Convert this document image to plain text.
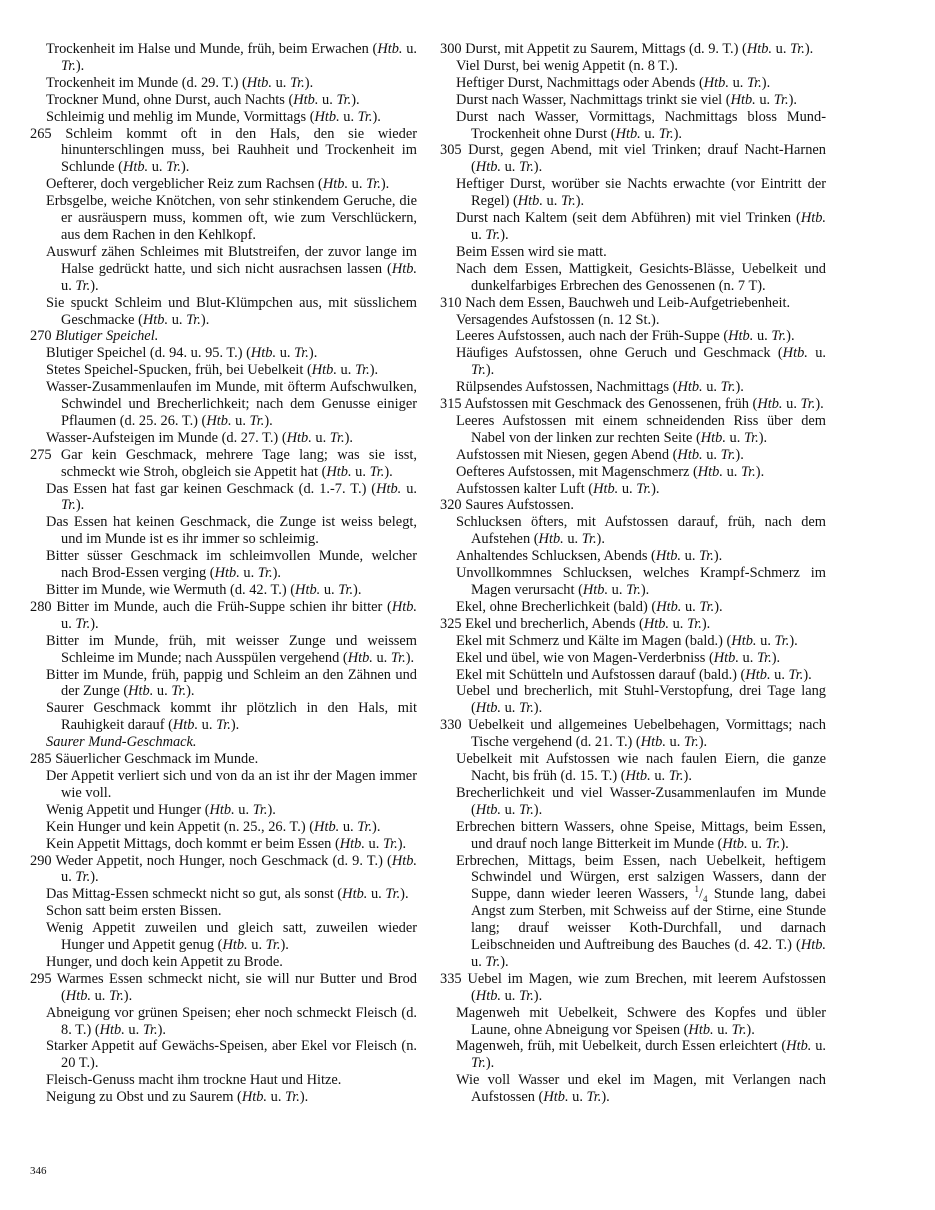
Trockenheit im Halse und Munde, früh, beim Erwachen (Htb. u. Tr.).
Trockenheit im Munde (d. 29. T.) (Htb. u. Tr.).
Trockner Mund, ohne Durst, auch Nachts (Htb. u. Tr.).
Schleimig und mehlig im Munde, Vormittags (Htb. u. Tr.).
265 Schleim kommt oft in den Hals, den sie wieder hinunterschlingen muss, bei Rauhheit und Trockenheit im Schlunde (Htb. u. Tr.).
Oefterer, doch vergeblicher Reiz zum Rachsen (Htb. u. Tr.).
Erbsgelbe, weiche Knötchen, von sehr stinkendem Geruche, die er ausräuspern muss, kommen oft, wie zum Verschlückern, aus dem Rachen in den Kehlkopf.
Auswurf zähen Schleimes mit Blutstreifen, der zuvor lange im Halse gedrückt hatte, und sich nicht ausrachsen lassen (Htb. u. Tr.).
Sie spuckt Schleim und Blut-Klümpchen aus, mit süsslichem Geschmacke (Htb. u. Tr.).
270 Blutiger Speichel.
Blutiger Speichel (d. 94. u. 95. T.) (Htb. u. Tr.).
Stetes Speichel-Spucken, früh, bei Uebelkeit (Htb. u. Tr.).
Wasser-Zusammenlaufen im Munde, mit öfterm Aufschwulken, Schwindel und Brecherlichkeit; nach dem Genusse einiger Pflaumen (d. 25. 26. T.) (Htb. u. Tr.).
Wasser-Aufsteigen im Munde (d. 27. T.) (Htb. u. Tr.).
275 Gar kein Geschmack, mehrere Tage lang; was sie isst, schmeckt wie Stroh, obgleich sie Appetit hat (Htb. u. Tr.).
Das Essen hat fast gar keinen Geschmack (d. 1.-7. T.) (Htb. u. Tr.).
Das Essen hat keinen Geschmack, die Zunge ist weiss belegt, und im Munde ist es ihr immer so schleimig.
Bitter süsser Geschmack im schleimvollen Munde, welcher nach Brod-Essen verging (Htb. u. Tr.).
Bitter im Munde, wie Wermuth (d. 42. T.) (Htb. u. Tr.).
280 Bitter im Munde, auch die Früh-Suppe schien ihr bitter (Htb. u. Tr.).
Bitter im Munde, früh, mit weisser Zunge und weissem Schleime im Munde; nach Ausspülen vergehend (Htb. u. Tr.).
Bitter im Munde, früh, pappig und Schleim an den Zähnen und der Zunge (Htb. u. Tr.).
Saurer Geschmack kommt ihr plötzlich in den Hals, mit Rauhigkeit darauf (Htb. u. Tr.).
Saurer Mund-Geschmack.
285 Säuerlicher Geschmack im Munde.
Der Appetit verliert sich und von da an ist ihr der Magen immer wie voll.
Wenig Appetit und Hunger (Htb. u. Tr.).
Kein Hunger und kein Appetit (n. 25., 26. T.) (Htb. u. Tr.).
Kein Appetit Mittags, doch kommt er beim Essen (Htb. u. Tr.).
290 Weder Appetit, noch Hunger, noch Geschmack (d. 9. T.) (Htb. u. Tr.).
Das Mittag-Essen schmeckt nicht so gut, als sonst (Htb. u. Tr.).
Schon satt beim ersten Bissen.
Wenig Appetit zuweilen und gleich satt, zuweilen wieder Hunger und Appetit genug (Htb. u. Tr.).
Hunger, und doch kein Appetit zu Brode.
295 Warmes Essen schmeckt nicht, sie will nur Butter und Brod (Htb. u. Tr.).
Abneigung vor grünen Speisen; eher noch schmeckt Fleisch (d. 8. T.) (Htb. u. Tr.).
Starker Appetit auf Gewächs-Speisen, aber Ekel vor Fleisch (n. 20 T.).
Fleisch-Genuss macht ihm trockne Haut und Hitze.
Neigung zu Obst und zu Saurem (Htb. u. Tr.).
300 Durst, mit Appetit zu Saurem, Mittags (d. 9. T.) (Htb. u. Tr.).
Viel Durst, bei wenig Appetit (n. 8 T.).
Heftiger Durst, Nachmittags oder Abends (Htb. u. Tr.).
Durst nach Wasser, Nachmittags trinkt sie viel (Htb. u. Tr.).
Durst nach Wasser, Vormittags, Nachmittags bloss Mund-Trockenheit ohne Durst (Htb. u. Tr.).
305 Durst, gegen Abend, mit viel Trinken; drauf Nacht-Harnen (Htb. u. Tr.).
Heftiger Durst, worüber sie Nachts erwachte (vor Eintritt der Regel) (Htb. u. Tr.).
Durst nach Kaltem (seit dem Abführen) mit viel Trinken (Htb. u. Tr.).
Beim Essen wird sie matt.
Nach dem Essen, Mattigkeit, Gesichts-Blässe, Uebelkeit und dunkelfarbiges Erbrechen des Genossenen (n. 7 T).
310 Nach dem Essen, Bauchweh und Leib-Aufgetriebenheit.
Versagendes Aufstossen (n. 12 St.).
Leeres Aufstossen, auch nach der Früh-Suppe (Htb. u. Tr.).
Häufiges Aufstossen, ohne Geruch und Geschmack (Htb. u. Tr.).
Rülpsendes Aufstossen, Nachmittags (Htb. u. Tr.).
315 Aufstossen mit Geschmack des Genossenen, früh (Htb. u. Tr.).
Leeres Aufstossen mit einem schneidenden Riss über dem Nabel von der linken zur rechten Seite (Htb. u. Tr.).
Aufstossen mit Niesen, gegen Abend (Htb. u. Tr.).
Oefteres Aufstossen, mit Magenschmerz (Htb. u. Tr.).
Aufstossen kalter Luft (Htb. u. Tr.).
320 Saures Aufstossen.
Schlucksen öfters, mit Aufstossen darauf, früh, nach dem Aufstehen (Htb. u. Tr.).
Anhaltendes Schlucksen, Abends (Htb. u. Tr.).
Unvollkommnes Schlucksen, welches Krampf-Schmerz im Magen verursacht (Htb. u. Tr.).
Ekel, ohne Brecherlichkeit (bald) (Htb. u. Tr.).
325 Ekel und brecherlich, Abends (Htb. u. Tr.).
Ekel mit Schmerz und Kälte im Magen (bald.) (Htb. u. Tr.).
Ekel und übel, wie von Magen-Verderbniss (Htb. u. Tr.).
Ekel mit Schütteln und Aufstossen darauf (bald.) (Htb. u. Tr.).
Uebel und brecherlich, mit Stuhl-Verstopfung, drei Tage lang (Htb. u. Tr.).
330 Uebelkeit und allgemeines Uebelbehagen, Vormittags; nach Tische vergehend (d. 21. T.) (Htb. u. Tr.).
Uebelkeit mit Aufstossen wie nach faulen Eiern, die ganze Nacht, bis früh (d. 15. T.) (Htb. u. Tr.).
Brecherlichkeit und viel Wasser-Zusammenlaufen im Munde (Htb. u. Tr.).
Erbrechen bittern Wassers, ohne Speise, Mittags, beim Essen, und drauf noch lange Bitterkeit im Munde (Htb. u. Tr.).
Erbrechen, Mittags, beim Essen, nach Uebelkeit, heftigem Schwindel und Würgen, erst salzigen Wassers, dann der Suppe, dann wieder leeren Wassers, $^1/_4$ Stunde lang, dabei Angst zum Sterben, mit Schweiss auf der Stirne, eine Stunde lang; drauf weisser Koth-Durchfall, und darnach Leibschneiden und Auftreibung des Bauches (d. 42. T.) (Htb. u. Tr.).
335 Uebel im Magen, wie zum Brechen, mit leerem Aufstossen (Htb. u. Tr.).
Magenweh mit Uebelkeit, Schwere des Kopfes und übler Laune, ohne Abneigung vor Speisen (Htb. u. Tr.).
Magenweh, früh, mit Uebelkeit, durch Essen erleichtert (Htb. u. Tr.).
Wie voll Wasser und ekel im Magen, mit Verlangen nach Aufstossen (Htb. u. Tr.).
346
